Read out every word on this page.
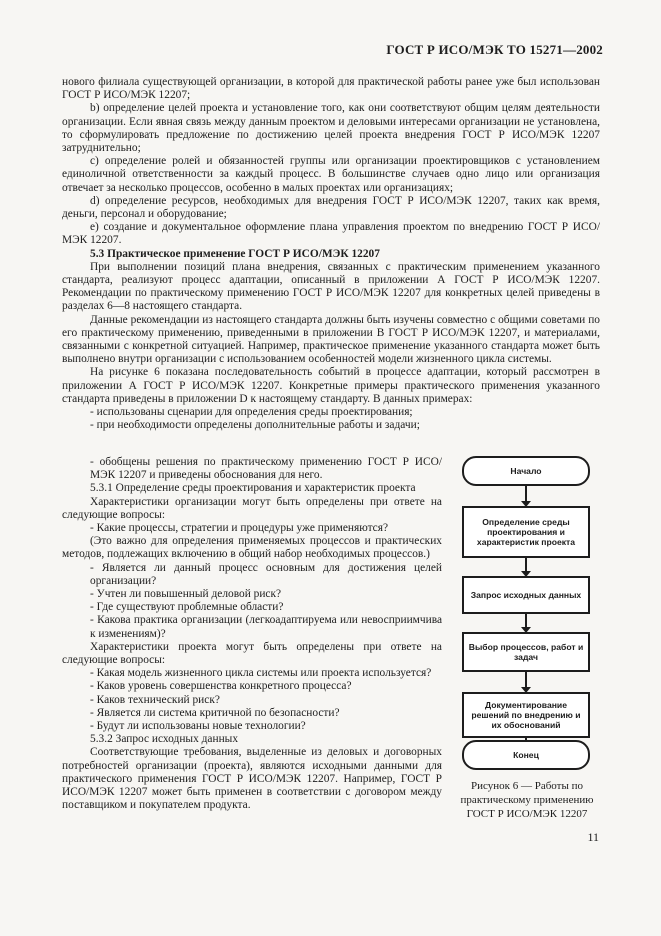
ГОСТ Р ИСО/МЭК ТО 15271—2002

нового филиала существующей организации, в которой для практической работы ранее уже был использован ГОСТ Р ИСО/МЭК 12207;

b) определение целей проекта и установление того, как они соответствуют общим целям деятельности организации. Если явная связь между данным проектом и деловыми интересами организации не установлена, то сформулировать предложение по достижению целей проекта внедрения ГОСТ Р ИСО/МЭК 12207 затруднительно;

c) определение ролей и обязанностей группы или организации проектировщиков с установлением единоличной ответственности за каждый процесс. В большинстве случаев одно лицо или организация отвечает за несколько процессов, особенно в малых проектах или организациях;

d) определение ресурсов, необходимых для внедрения ГОСТ Р ИСО/МЭК 12207, таких как время, деньги, персонал и оборудование;

e) создание и документальное оформление плана управления проектом по внедрению ГОСТ Р ИСО/МЭК 12207.

5.3 Практическое применение ГОСТ Р ИСО/МЭК 12207

При выполнении позиций плана внедрения, связанных с практическим применением указанного стандарта, реализуют процесс адаптации, описанный в приложении А ГОСТ Р ИСО/МЭК 12207. Рекомендации по практическому применению ГОСТ Р ИСО/МЭК 12207 для конкретных целей приведены в разделах 6—8 настоящего стандарта.

Данные рекомендации из настоящего стандарта должны быть изучены совместно с общими советами по его практическому применению, приведенными в приложении В ГОСТ Р ИСО/МЭК 12207, и материалами, связанными с конкретной ситуацией. Например, практическое применение указанного стандарта может быть выполнено внутри организации с использованием особенностей модели жизненного цикла системы.

На рисунке 6 показана последовательность событий в процессе адаптации, который рассмотрен в приложении А ГОСТ Р ИСО/МЭК 12207. Конкретные примеры практического применения указанного стандарта приведены в приложении D к настоящему стандарту. В данных примерах:

- использованы сценарии для определения среды проектирования;

- при необходимости определены дополнительные работы и задачи;

- обобщены решения по практическому применению ГОСТ Р ИСО/МЭК 12207 и приведены обоснования для него.

5.3.1 Определение среды проектирования и характеристик проекта

Характеристики организации могут быть определены при ответе на следующие вопросы:

- Какие процессы, стратегии и процедуры уже применяются?

(Это важно для определения применяемых процессов и практических методов, подлежащих включению в общий набор необходимых процессов.)

- Является ли данный процесс основным для достижения целей организации?

- Учтен ли повышенный деловой риск?

- Где существуют проблемные области?

- Какова практика организации (легкоадаптируема или невосприимчива к изменениям)?

Характеристики проекта могут быть определены при ответе на следующие вопросы:

- Какая модель жизненного цикла системы или проекта используется?

- Каков уровень совершенства конкретного процесса?

- Каков технический риск?

- Является ли система критичной по безопасности?

- Будут ли использованы новые технологии?

5.3.2 Запрос исходных данных

Соответствующие требования, выделенные из деловых и договорных потребностей организации (проекта), являются исходными данными для практического применения ГОСТ Р ИСО/МЭК 12207. Например, ГОСТ Р ИСО/МЭК 12207 может быть применен в соответствии с договором между поставщиком и покупателем продукта.

Начало
Определение среды проектирования и характеристик проекта
Запрос исходных данных
Выбор процессов, работ и задач
Документирование решений по внедрению и их обоснований
Конец
Рисунок 6 — Работы по практическому применению ГОСТ Р ИСО/МЭК 12207
11
